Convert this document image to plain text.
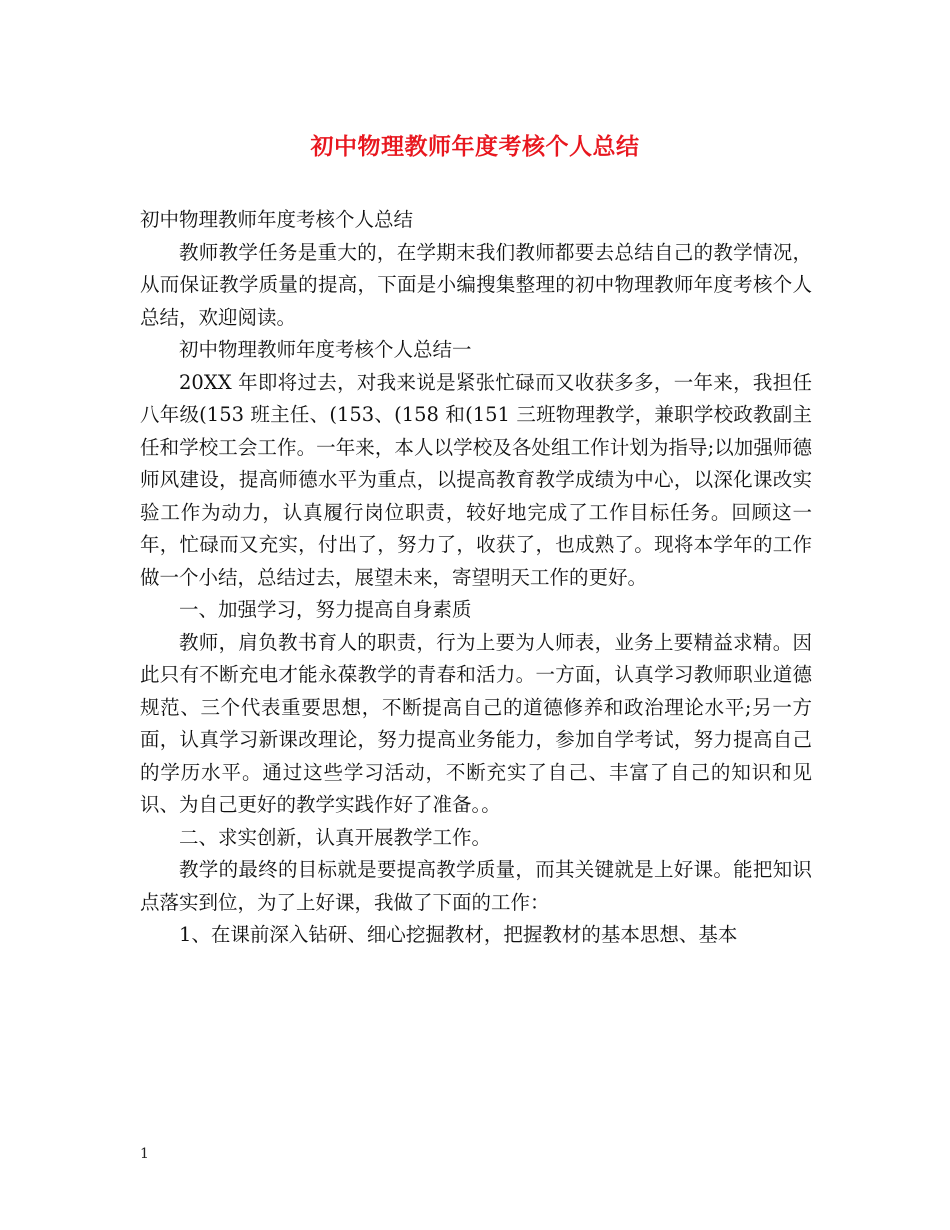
初中物理教师年度考核个人总结

初中物理教师年度考核个人总结

教师教学任务是重大的，在学期末我们教师都要去总结自己的教学情况，从而保证教学质量的提高，下面是小编搜集整理的初中物理教师年度考核个人总结，欢迎阅读。

初中物理教师年度考核个人总结一

20XX 年即将过去，对我来说是紧张忙碌而又收获多多，一年来，我担任八年级(153 班主任、(153、(158 和(151 三班物理教学，兼职学校政教副主任和学校工会工作。一年来，本人以学校及各处组工作计划为指导;以加强师德师风建设，提高师德水平为重点，以提高教育教学成绩为中心，以深化课改实验工作为动力，认真履行岗位职责，较好地完成了工作目标任务。回顾这一年，忙碌而又充实，付出了，努力了，收获了，也成熟了。现将本学年的工作做一个小结，总结过去，展望未来，寄望明天工作的更好。

一、加强学习，努力提高自身素质

教师，肩负教书育人的职责，行为上要为人师表，业务上要精益求精。因此只有不断充电才能永葆教学的青春和活力。一方面，认真学习教师职业道德规范、三个代表重要思想，不断提高自己的道德修养和政治理论水平;另一方面，认真学习新课改理论，努力提高业务能力，参加自学考试，努力提高自己的学历水平。通过这些学习活动，不断充实了自己、丰富了自己的知识和见识、为自己更好的教学实践作好了准备。。

二、求实创新，认真开展教学工作。

教学的最终的目标就是要提高教学质量，而其关键就是上好课。能把知识点落实到位，为了上好课，我做了下面的工作：

1、在课前深入钻研、细心挖掘教材，把握教材的基本思想、基本

1
